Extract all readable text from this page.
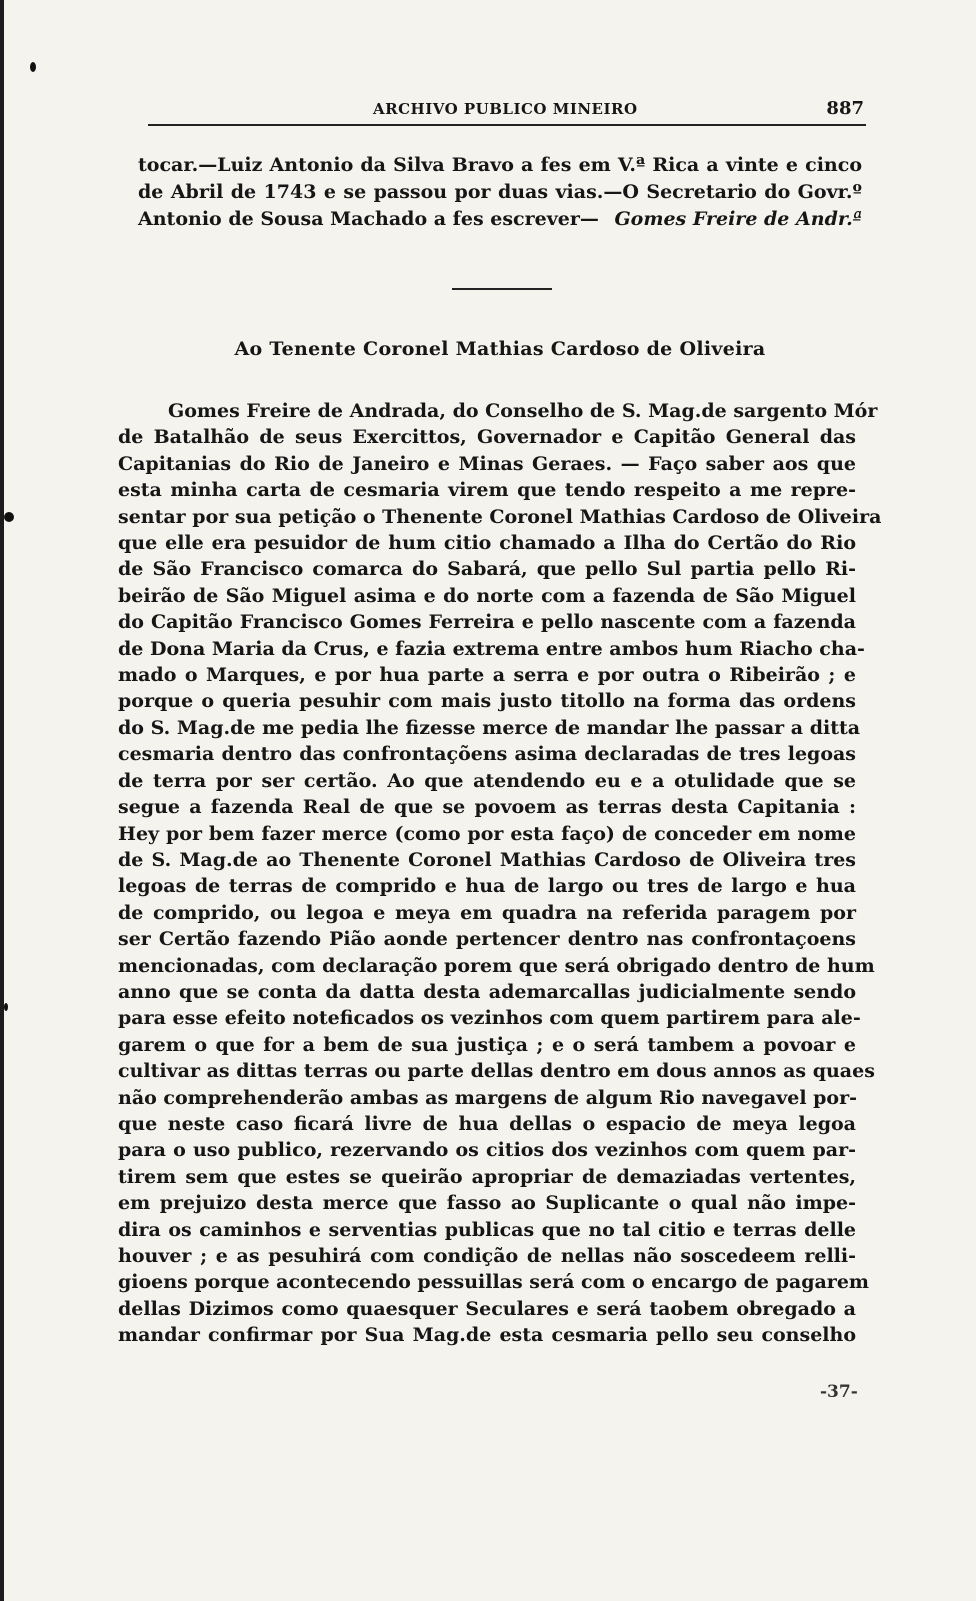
ARCHIVO PUBLICO MINEIRO	887
tocar.—Luiz Antonio da Silva Bravo a fes em V.ª Rica a vinte e cinco
de Abril de 1743 e se passou por duas vias.—O Secretario do Govr.º
Antonio de Sousa Machado a fes escrever— Gomes Freire de Andr.ª
Ao Tenente Coronel Mathias Cardoso de Oliveira
Gomes Freire de Andrada, do Conselho de S. Mag.de sargento Mór
de Batalhão de seus Exercittos, Governador e Capitão General das
Capitanias do Rio de Janeiro e Minas Geraes. — Faço saber aos que
esta minha carta de cesmaria virem que tendo respeito a me repre-
sentar por sua petição o Thenente Coronel Mathias Cardoso de Oliveira
que elle era pesuidor de hum citio chamado a Ilha do Certão do Rio
de São Francisco comarca do Sabará, que pello Sul partia pello Ri-
beirão de São Miguel asima e do norte com a fazenda de São Miguel
do Capitão Francisco Gomes Ferreira e pello nascente com a fazenda
de Dona Maria da Crus, e fazia extrema entre ambos hum Riacho cha-
mado o Marques, e por hua parte a serra e por outra o Ribeirão ; e
porque o queria pesuhir com mais justo titollo na forma das ordens
do S. Mag.de me pedia lhe fizesse merce de mandar lhe passar a ditta
cesmaria dentro das confrontaçõens asima declaradas de tres legoas
de terra por ser certão. Ao que atendendo eu e a otulidade que se
segue a fazenda Real de que se povoem as terras desta Capitania :
Hey por bem fazer merce (como por esta faço) de conceder em nome
de S. Mag.de ao Thenente Coronel Mathias Cardoso de Oliveira tres
legoas de terras de comprido e hua de largo ou tres de largo e hua
de comprido, ou legoa e meya em quadra na referida paragem por
ser Certão fazendo Pião aonde pertencer dentro nas confrontaçoens
mencionadas, com declaração porem que será obrigado dentro de hum
anno que se conta da datta desta ademarcallas judicialmente sendo
para esse efeito noteficados os vezinhos com quem partirem para ale-
garem o que for a bem de sua justiça ; e o será tambem a povoar e
cultivar as dittas terras ou parte dellas dentro em dous annos as quaes
não comprehenderão ambas as margens de algum Rio navegavel por-
que neste caso ficará livre de hua dellas o espacio de meya legoa
para o uso publico, rezervando os citios dos vezinhos com quem par-
tirem sem que estes se queirão apropriar de demaziadas vertentes,
em prejuizo desta merce que fasso ao Suplicante o qual não impe-
dira os caminhos e serventias publicas que no tal citio e terras delle
houver ; e as pesuhirá com condição de nellas não soscedeem relli-
gioens porque acontecendo pessuillas será com o encargo de pagarem
dellas Dizimos como quaesquer Seculares e será taobem obregado a
mandar confirmar por Sua Mag.de esta cesmaria pello seu conselho
-37-
